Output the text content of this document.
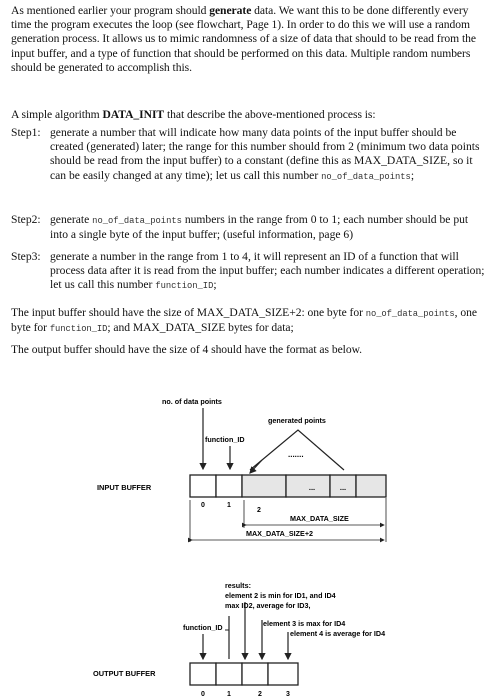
As mentioned earlier your program should generate data. We want this to be done differently every time the program executes the loop (see flowchart, Page 1). In order to do this we will use a random generation process. It allows us to mimic randomness of a size of data that should to be read from the input buffer, and a type of function that should be performed on this data. Multiple random numbers should be generated to accomplish this.
A simple algorithm DATA_INIT that describe the above-mentioned process is:
Step1: generate a number that will indicate how many data points of the input buffer should be created (generated) later; the range for this number should from 2 (minimum two data points should be read from the input buffer) to a constant (define this as MAX_DATA_SIZE, so it can be easily changed at any time); let us call this number no_of_data_points;
Step2: generate no_of_data_points numbers in the range from 0 to 1; each number should be put into a single byte of the input buffer; (useful information, page 6)
Step3: generate a number in the range from 1 to 4, it will represent an ID of a function that will process data after it is read from the input buffer; each number indicates a different operation; let us call this number function_ID;
The input buffer should have the size of MAX_DATA_SIZE+2: one byte for no_of_data_points, one byte for function_ID; and MAX_DATA_SIZE bytes for data;
The output buffer should have the size of 4 should have the format as below.
no. of data points
generated points
function_ID
.......
INPUT BUFFER	...	...
0	1
2
MAX_DATA_SIZE
MAX_DATA_SIZE+2
results:
element 2 is min for ID1, and ID4
max ID2, average for ID3,
function_ID	element 3 is max for ID4
element 4 is average for ID4
OUTPUT BUFFER
0	1	2	3
